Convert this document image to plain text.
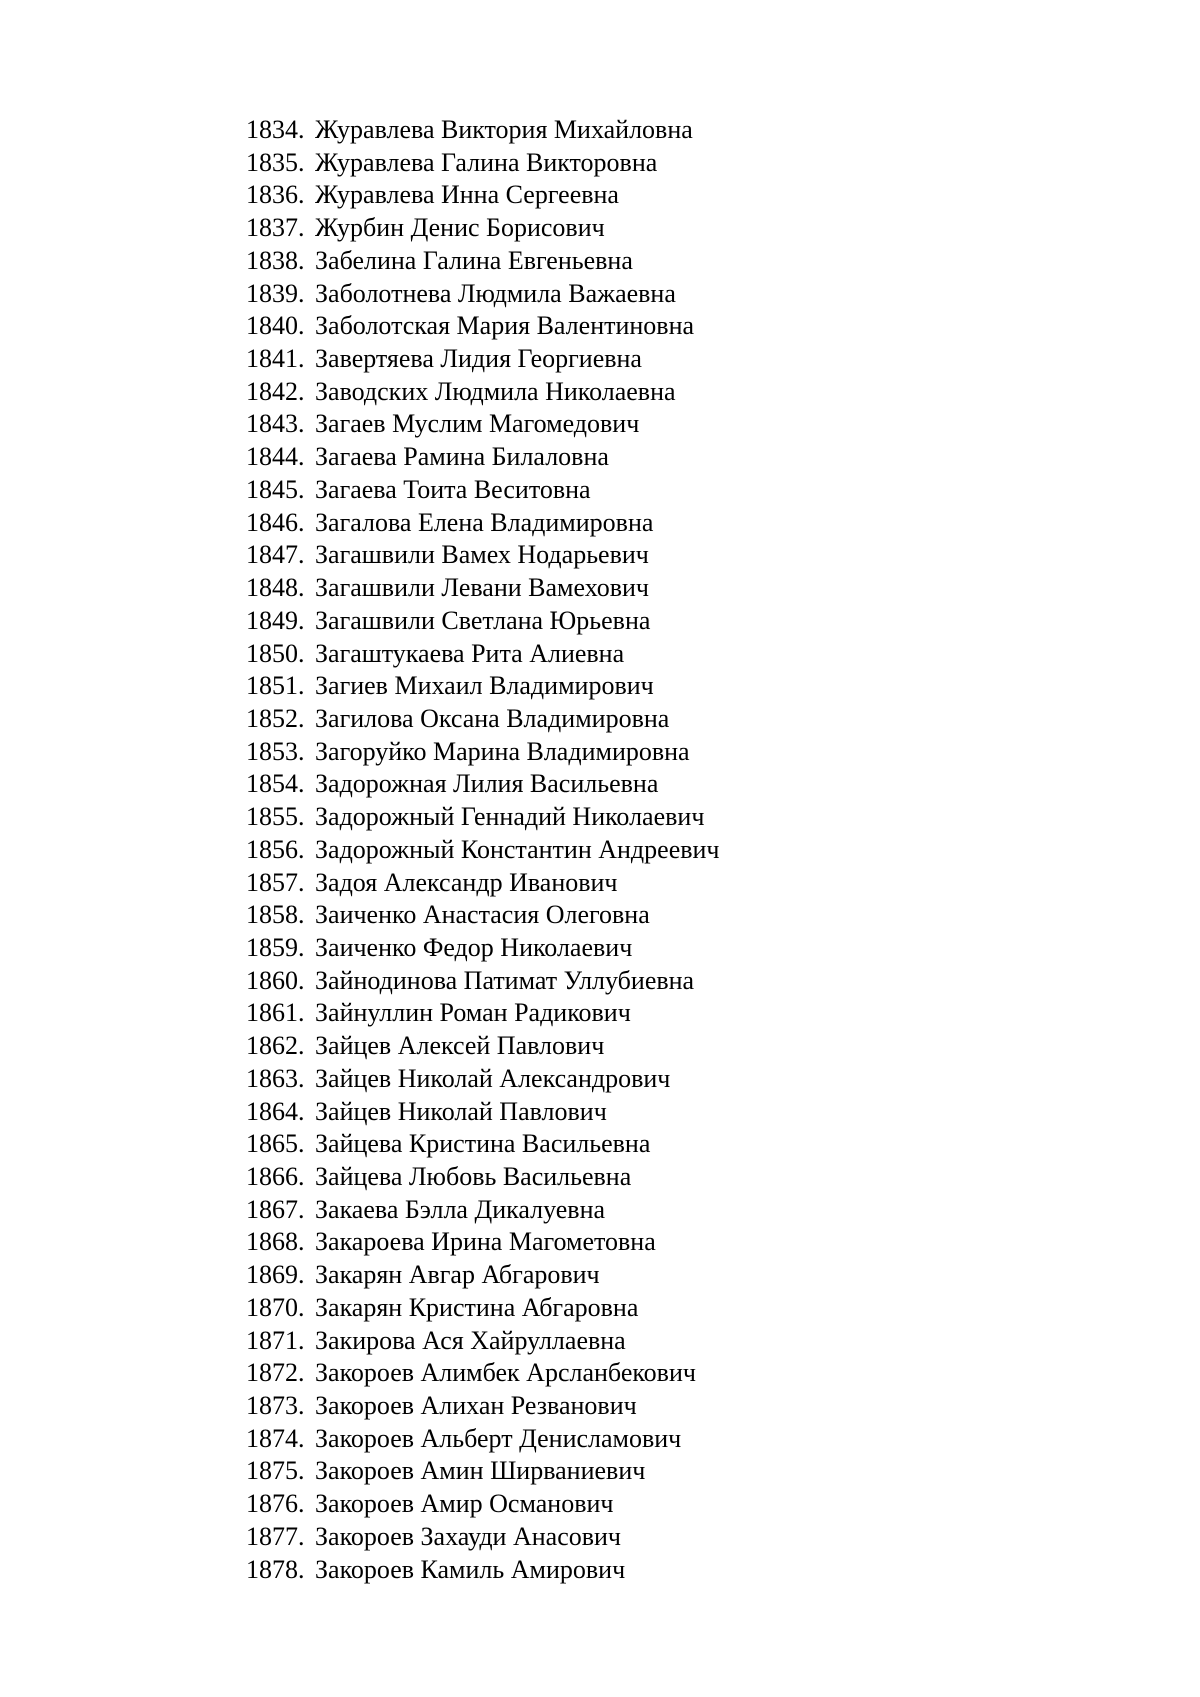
1834. Журавлева Виктория Михайловна
1835. Журавлева Галина Викторовна
1836. Журавлева Инна Сергеевна
1837. Журбин Денис Борисович
1838. Забелина Галина Евгеньевна
1839. Заболотнева Людмила Важаевна
1840. Заболотская Мария Валентиновна
1841. Завертяева Лидия Георгиевна
1842. Заводских Людмила Николаевна
1843. Загаев Муслим Магомедович
1844. Загаева Рамина Билаловна
1845. Загаева Тоита Веситовна
1846. Загалова Елена Владимировна
1847. Загашвили Вамех Нодарьевич
1848. Загашвили Левани Вамехович
1849. Загашвили Светлана Юрьевна
1850. Загаштукаева Рита Алиевна
1851. Загиев Михаил Владимирович
1852. Загилова Оксана Владимировна
1853. Загоруйко Марина Владимировна
1854. Задорожная Лилия Васильевна
1855. Задорожный Геннадий Николаевич
1856. Задорожный Константин Андреевич
1857. Задоя Александр Иванович
1858. Заиченко Анастасия Олеговна
1859. Заиченко Федор Николаевич
1860. Зайнодинова Патимат Уллубиевна
1861. Зайнуллин Роман Радикович
1862. Зайцев Алексей Павлович
1863. Зайцев Николай Александрович
1864. Зайцев Николай Павлович
1865. Зайцева Кристина Васильевна
1866. Зайцева Любовь Васильевна
1867. Закаева Бэлла Дикалуевна
1868. Закароева Ирина Магометовна
1869. Закарян Авгар Абгарович
1870. Закарян Кристина Абгаровна
1871. Закирова Ася Хайруллаевна
1872. Закороев Алимбек Арсланбекович
1873. Закороев Алихан Резванович
1874. Закороев Альберт Денисламович
1875. Закороев Амин Ширваниевич
1876. Закороев Амир Османович
1877. Закороев Захауди Анасович
1878. Закороев Камиль Амирович
